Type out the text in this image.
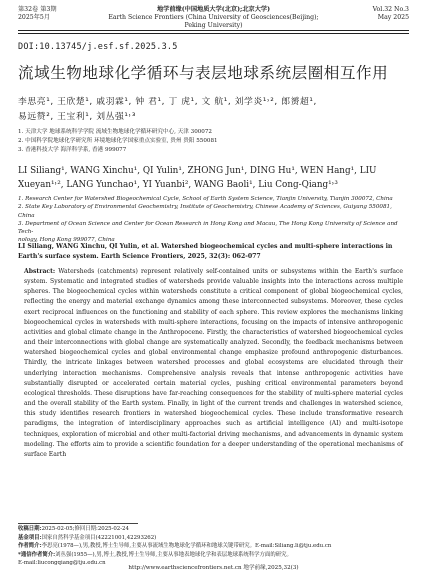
第32卷 第3期
2025年5月
地学前缘(中国地质大学(北京);北京大学)
Earth Science Frontiers (China University of Geosciences(Beijing); Peking University)
Vol.32 No.3
May 2025
DOI:10.13745/j.esf.sf.2025.3.5
流域生物地球化学循环与表层地球系统层圈相互作用
李思亮¹, 王欣楚¹, 戚羽霖¹, 钟 君¹, 丁 虎¹, 文 航¹, 刘学炎¹˒², 郎赟超¹,
易远赞², 王宝利¹, 刘丛强¹˒³
1. 天津大学 地球系统科学学院 流域生物地球化学循环研究中心, 天津 300072
2. 中国科学院地球化学研究所 环境地球化学国家重点实验室, 贵州 贵阳 550081
3. 香港科技大学 海洋科学系, 香港 999077
LI Siliang¹, WANG Xinchu¹, QI Yulin¹, ZHONG Jun¹, DING Hu¹, WEN Hang¹, LIU Xueyan¹˒², LANG Yunchao¹, YI Yuanbi², WANG Baoli¹, Liu Cong-Qiang¹˒³
1. Research Center for Watershed Biogeochemical Cycle, School of Earth System Science, Tianjin University, Tianjin 300072, China
2. State Key Laboratory of Environmental Geochemistry, Institute of Geochemistry, Chinese Academy of Sciences, Guiyang 550081, China
3. Department of Ocean Science and Center for Ocean Research in Hong Kong and Macau, The Hong Kong University of Science and Tech-
nology, Hong Kong 999077, China
LI Siliang, WANG Xinchu, QI Yulin, et al. Watershed biogeochemical cycles and multi-sphere interactions in Earth's surface system. Earth Science Frontiers, 2025, 32(3): 062-077
Abstract: Watersheds (catchments) represent relatively self-contained units or subsystems within the Earth's surface system. Systematic and integrated studies of watersheds provide valuable insights into the interactions across multiple spheres. The biogeochemical cycles within watersheds constitute a critical component of global biogeochemical cycles, reflecting the energy and material exchange dynamics among these interconnected subsystems. Moreover, these cycles exert reciprocal influences on the functioning and stability of each sphere. This review explores the mechanisms linking biogeochemical cycles in watersheds with multi-sphere interactions, focusing on the impacts of intensive anthropogenic activities and global climate change in the Anthropocene. Firstly, the characteristics of watershed biogeochemical cycles and their interconnections with global change are systematically analyzed. Secondly, the feedback mechanisms between watershed biogeochemical cycles and global environmental change emphasize profound anthropogenic disturbances. Thirdly, the intricate linkages between watershed processes and global ecosystems are elucidated through their underlying interaction mechanisms. Comprehensive analysis reveals that intense anthropogenic activities have substantially disrupted or accelerated certain material cycles, pushing critical environmental parameters beyond ecological thresholds. These disruptions have far-reaching consequences for the stability of multi-sphere material cycles and the overall stability of the Earth system. Finally, in light of the current trends and challenges in watershed science, this study identifies research frontiers in watershed biogeochemical cycles. These include transformative research paradigms, the integration of interdisciplinary approaches such as artificial intelligence (AI) and multi-isotope techniques, exploration of microbial and other multi-factorial driving mechanisms, and advancements in dynamic system modeling. The efforts aim to provide a scientific foundation for a deeper understanding of the operational mechanisms of surface Earth
收稿日期:2025-02-05;修回日期:2025-02-24
基金项目:国家自然科学基金项目(42221001,42293262)
作者简介:李思亮(1978—),男,教授,博士生导师,主要从事流域生物地球化学循环和地球关键带研究。E-mail:Siliang.li@tju.edu.cn
*通信作者简介:刘丛强(1955—),男,博士,教授,博士生导师,主要从事地表地球化学和表层地球系统科学方面的研究。
E-mail:liucongqiang@tju.edu.cn
http://www.earthsciencefrontiers.net.cn 地学前缘,2025,32(3)
